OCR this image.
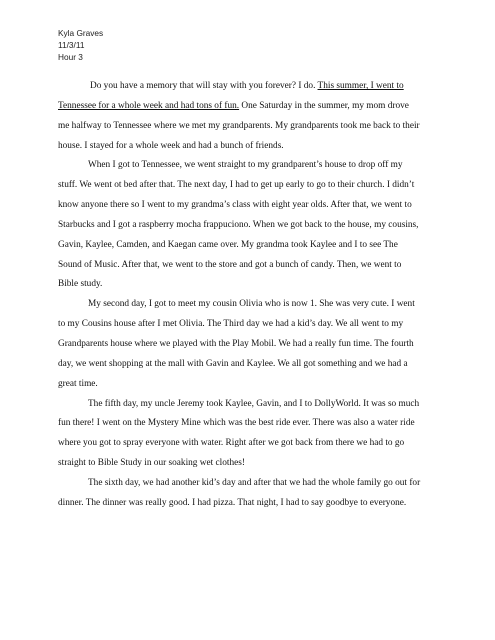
Kyla Graves
11/3/11
Hour 3
Do you have a memory that will stay with you forever? I do. This summer, I went to
Tennessee for a whole week and had tons of fun. One Saturday in the summer, my mom drove
me halfway to Tennessee where we met my grandparents. My grandparents took me back to their
house. I stayed for a whole week and had a bunch of friends.
When I got to Tennessee, we went straight to my grandparent’s house to drop off my
stuff. We went ot bed after that. The next day, I had to get up early to go to their church. I didn’t
know anyone there so I went to my grandma’s class with eight year olds. After that, we went to
Starbucks and I got a raspberry mocha frappuciono. When we got back to the house, my cousins,
Gavin, Kaylee, Camden, and Kaegan came over. My grandma took Kaylee and I to see The
Sound of Music. After that, we went to the store and got a bunch of candy. Then, we went to
Bible study.
My second day, I got to meet my cousin Olivia who is now 1. She was very cute. I went
to my Cousins house after I met Olivia. The Third day we had a kid’s day. We all went to my
Grandparents house where we played with the Play Mobil. We had a really fun time. The fourth
day, we went shopping at the mall with Gavin and Kaylee. We all got something and we had a
great time.
The fifth day, my uncle Jeremy took Kaylee, Gavin, and I to DollyWorld. It was so much
fun there! I went on the Mystery Mine which was the best ride ever. There was also a water ride
where you got to spray everyone with water. Right after we got back from there we had to go
straight to Bible Study in our soaking wet clothes!
The sixth day, we had another kid’s day and after that we had the whole family go out for
dinner. The dinner was really good. I had pizza. That night, I had to say goodbye to everyone.
